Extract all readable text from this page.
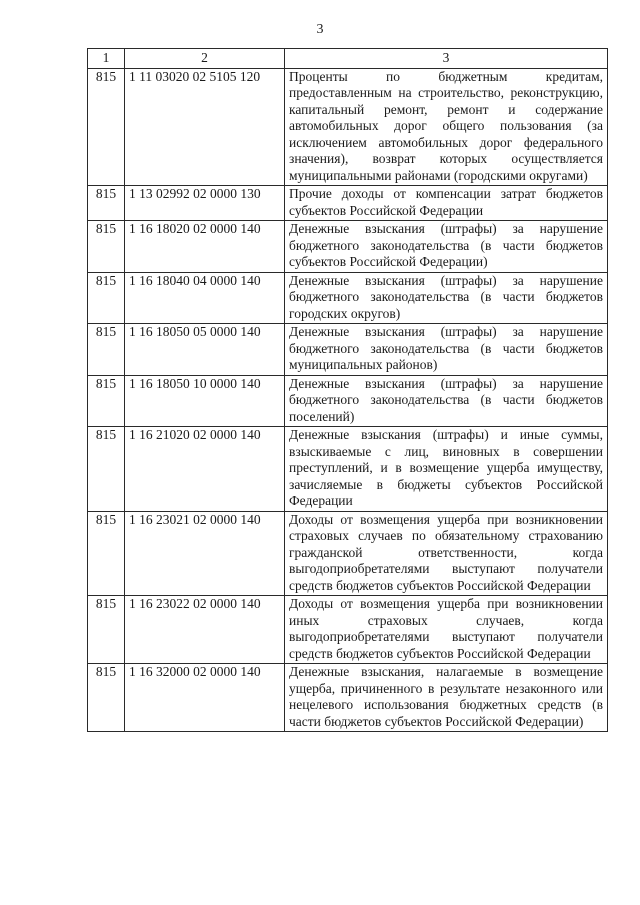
3
1	2	3
815	1 11 03020 02 5105 120	Проценты по бюджетным кредитам, предоставленным на строительство, реконструкцию, капитальный ремонт, ремонт и содержание автомобильных дорог общего пользования (за исключением автомобильных дорог федерального значения), возврат которых осуществляется муниципальными районами (городскими округами)
815	1 13 02992 02 0000 130	Прочие доходы от компенсации затрат бюджетов субъектов Российской Федерации
815	1 16 18020 02 0000 140	Денежные взыскания (штрафы) за нарушение бюджетного законодательства (в части бюджетов субъектов Российской Федерации)
815	1 16 18040 04 0000 140	Денежные взыскания (штрафы) за нарушение бюджетного законодательства (в части бюджетов городских округов)
815	1 16 18050 05 0000 140	Денежные взыскания (штрафы) за нарушение бюджетного законодательства (в части бюджетов муниципальных районов)
815	1 16 18050 10 0000 140	Денежные взыскания (штрафы) за нарушение бюджетного законодательства (в части бюджетов поселений)
815	1 16 21020 02 0000 140	Денежные взыскания (штрафы) и иные суммы, взыскиваемые с лиц, виновных в совершении преступлений, и в возмещение ущерба имуществу, зачисляемые в бюджеты субъектов Российской Федерации
815	1 16 23021 02 0000 140	Доходы от возмещения ущерба при возникновении страховых случаев по обязательному страхованию гражданской ответственности, когда выгодоприобретателями выступают получатели средств бюджетов субъектов Российской Федерации
815	1 16 23022 02 0000 140	Доходы от возмещения ущерба при возникновении иных страховых случаев, когда выгодоприобретателями выступают получатели средств бюджетов субъектов Российской Федерации
815	1 16 32000 02 0000 140	Денежные взыскания, налагаемые в возмещение ущерба, причиненного в результате незаконного или нецелевого использования бюджетных средств (в части бюджетов субъектов Российской Федерации)
